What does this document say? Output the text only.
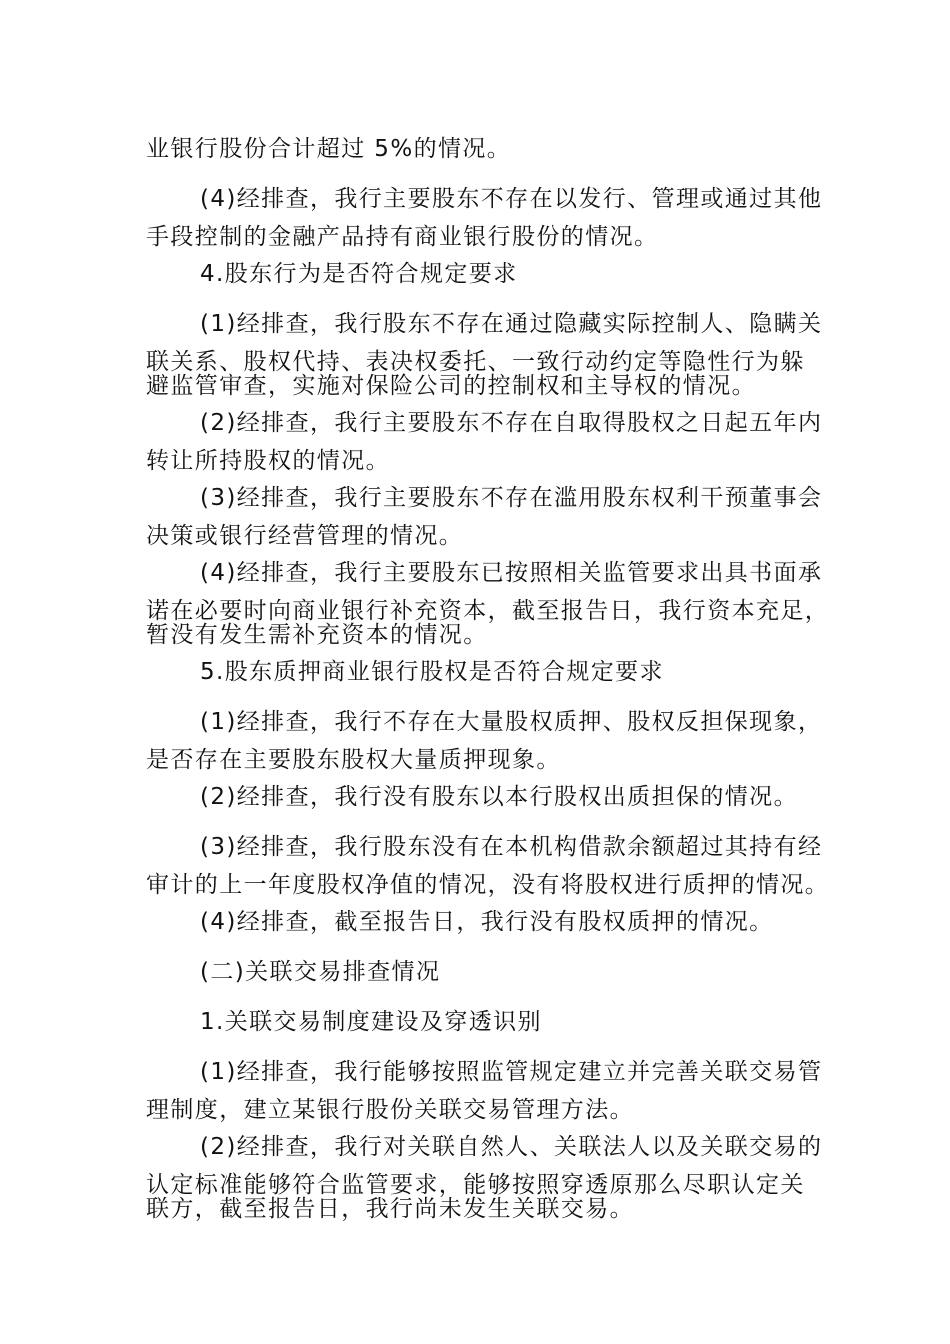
业银行股份合计超过 5%的情况。

(4)经排查，我行主要股东不存在以发行、管理或通过其他

手段控制的金融产品持有商业银行股份的情况。

4.股东行为是否符合规定要求

(1)经排查，我行股东不存在通过隐藏实际控制人、隐瞒关

联关系、股权代持、表决权委托、一致行动约定等隐性行为躲

避监管审查，实施对保险公司的控制权和主导权的情况。

(2)经排查，我行主要股东不存在自取得股权之日起五年内

转让所持股权的情况。

(3)经排查，我行主要股东不存在滥用股东权利干预董事会

决策或银行经营管理的情况。

(4)经排查，我行主要股东已按照相关监管要求出具书面承

诺在必要时向商业银行补充资本，截至报告日，我行资本充足，

暂没有发生需补充资本的情况。

5.股东质押商业银行股权是否符合规定要求

(1)经排查，我行不存在大量股权质押、股权反担保现象，

是否存在主要股东股权大量质押现象。

(2)经排查，我行没有股东以本行股权出质担保的情况。

(3)经排查，我行股东没有在本机构借款余额超过其持有经

审计的上一年度股权净值的情况，没有将股权进行质押的情况。

(4)经排查，截至报告日，我行没有股权质押的情况。

(二)关联交易排查情况

1.关联交易制度建设及穿透识别

(1)经排查，我行能够按照监管规定建立并完善关联交易管

理制度，建立某银行股份关联交易管理方法。

(2)经排查，我行对关联自然人、关联法人以及关联交易的

认定标准能够符合监管要求，能够按照穿透原那么尽职认定关

联方，截至报告日，我行尚未发生关联交易。
